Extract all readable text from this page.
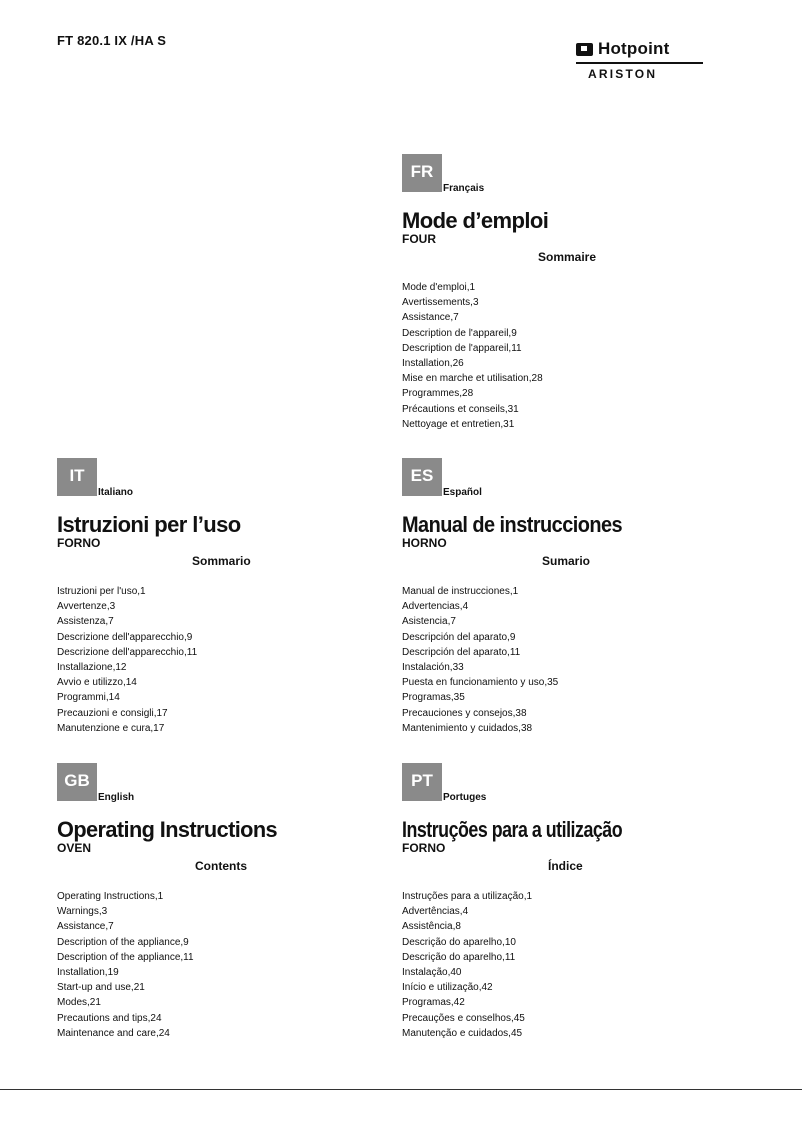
FT 820.1 IX /HA S	Hotpoint
ARISTON
FR
Français
Mode d’emploi
FOUR
Sommaire
Mode d'emploi,1
Avertissements,3
Assistance,7
Description de l'appareil,9
Description de l'appareil,11
Installation,26
Mise en marche et utilisation,28
Programmes,28
Précautions et conseils,31
Nettoyage et entretien,31
IT
Italiano
Istruzioni per l’uso
FORNO
Sommario
Istruzioni per l'uso,1
Avvertenze,3
Assistenza,7
Descrizione dell'apparecchio,9
Descrizione dell'apparecchio,11
Installazione,12
Avvio e utilizzo,14
Programmi,14
Precauzioni e consigli,17
Manutenzione e cura,17
ES
Español
Manual de instrucciones
HORNO
Sumario
Manual de instrucciones,1
Advertencias,4
Asistencia,7
Descripción del aparato,9
Descripción del aparato,11
Instalación,33
Puesta en funcionamiento y uso,35
Programas,35
Precauciones y consejos,38
Mantenimiento y cuidados,38
GB
English
Operating Instructions
OVEN
Contents
Operating Instructions,1
Warnings,3
Assistance,7
Description of the appliance,9
Description of the appliance,11
Installation,19
Start-up and use,21
Modes,21
Precautions and tips,24
Maintenance and care,24
PT
Portuges
Instruções para a utilização
FORNO
Índice
Instruções para a utilização,1
Advertências,4
Assistência,8
Descrição do aparelho,10
Descrição do aparelho,11
Instalação,40
Início e utilização,42
Programas,42
Precauções e conselhos,45
Manutenção e cuidados,45
